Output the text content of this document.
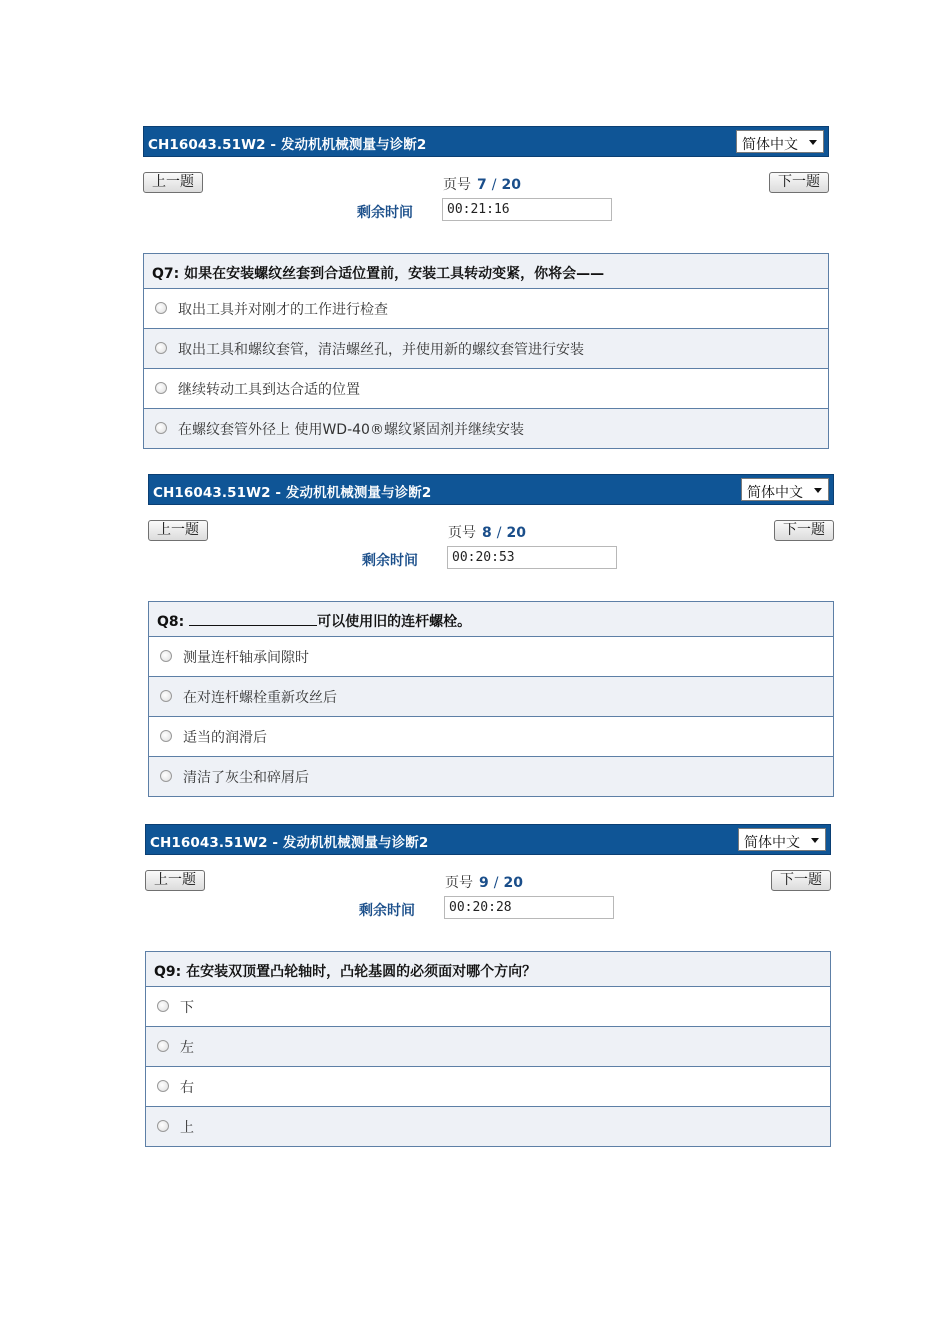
CH16043.51W2 - 发动机机械测量与诊断2	简体中文
上一题	页号 7 / 20	下一题
剩余时间	00:21:16
Q7: 如果在安装螺纹丝套到合适位置前，安装工具转动变紧，你将会——
取出工具并对刚才的工作进行检查
取出工具和螺纹套管，清洁螺丝孔，并使用新的螺纹套管进行安装
继续转动工具到达合适的位置
在螺纹套管外径上 使用WD-40®螺纹紧固剂并继续安装
CH16043.51W2 - 发动机机械测量与诊断2	简体中文
上一题	页号 8 / 20	下一题
剩余时间	00:20:53
Q8:	可以使用旧的连杆螺栓。
测量连杆轴承间隙时
在对连杆螺栓重新攻丝后
适当的润滑后
清洁了灰尘和碎屑后
CH16043.51W2 - 发动机机械测量与诊断2	简体中文
上一题	页号 9 / 20	下一题
剩余时间	00:20:28
Q9: 在安装双顶置凸轮轴时，凸轮基圆的必须面对哪个方向？
下
左
右
上
